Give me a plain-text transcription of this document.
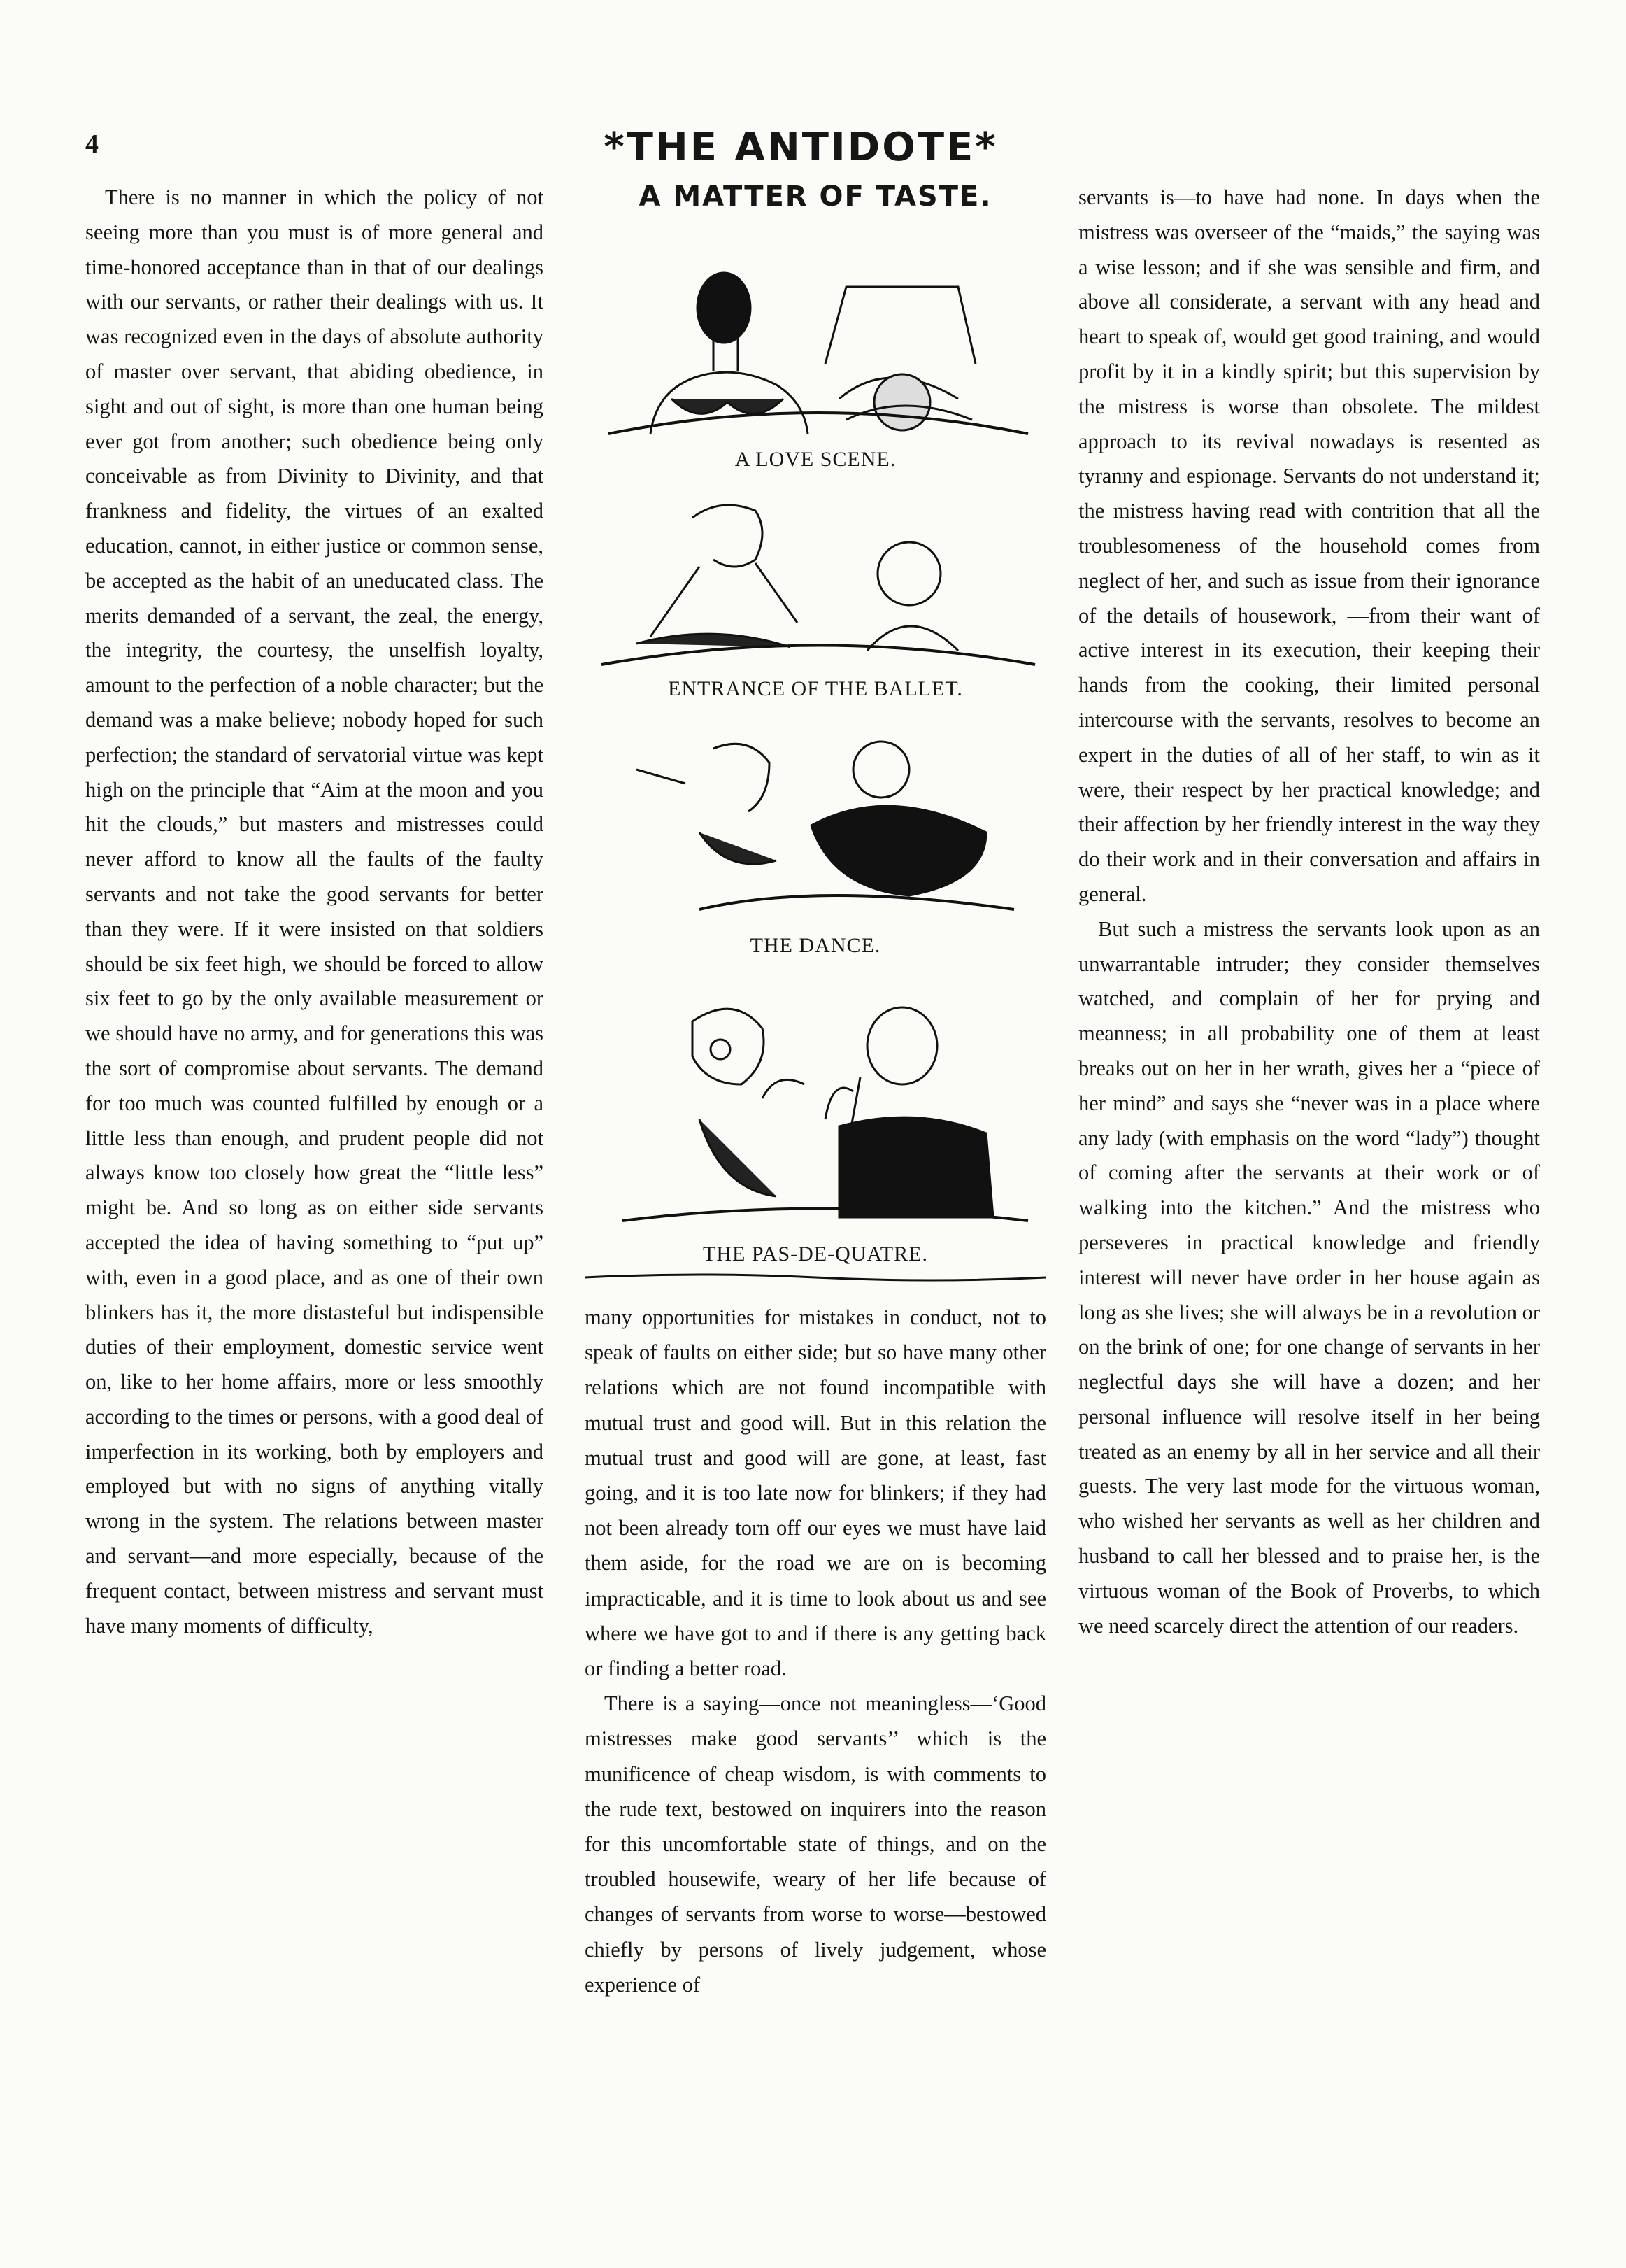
4	*THE ANTIDOTE*

There is no manner in which the policy of not seeing more than you must is of more general and time-honored acceptance than in that of our dealings with our servants, or rather their dealings with us. It was recognized even in the days of absolute authority of master over servant, that abiding obedience, in sight and out of sight, is more than one human being ever got from another; such obedience being only conceivable as from Divinity to Divinity, and that frankness and fidelity, the virtues of an exalted education, cannot, in either justice or common sense, be accepted as the habit of an uneducated class. The merits demanded of a servant, the zeal, the energy, the integrity, the courtesy, the unselfish loyalty, amount to the perfection of a noble character; but the demand was a make believe; nobody hoped for such perfection; the standard of servatorial virtue was kept high on the principle that “Aim at the moon and you hit the clouds,” but masters and mistresses could never afford to know all the faults of the faulty servants and not take the good servants for better than they were. If it were insisted on that soldiers should be six feet high, we should be forced to allow six feet to go by the only available measurement or we should have no army, and for generations this was the sort of compromise about servants. The demand for too much was counted fulfilled by enough or a little less than enough, and prudent people did not always know too closely how great the “little less” might be. And so long as on either side servants accepted the idea of having something to “put up” with, even in a good place, and as one of their own blinkers has it, the more distasteful but indispensible duties of their employment, domestic service went on, like to her home affairs, more or less smoothly according to the times or persons, with a good deal of imperfection in its working, both by employers and employed but with no signs of anything vitally wrong in the system. The relations between master and servant—and more especially, because of the frequent contact, between mistress and servant must have many moments of difficulty,

A MATTER OF TASTE.
A LOVE SCENE.
ENTRANCE OF THE BALLET.
THE DANCE.
THE PAS-DE-QUATRE.

many opportunities for mistakes in conduct, not to speak of faults on either side; but so have many other relations which are not found incompatible with mutual trust and good will. But in this relation the mutual trust and good will are gone, at least, fast going, and it is too late now for blinkers; if they had not been already torn off our eyes we must have laid them aside, for the road we are on is becoming impracticable, and it is time to look about us and see where we have got to and if there is any getting back or finding a better road.

There is a saying—once not meaningless—‘Good mistresses make good servants’’ which is the munificence of cheap wisdom, is with comments to the rude text, bestowed on inquirers into the reason for this uncomfortable state of things, and on the troubled housewife, weary of her life because of changes of servants from worse to worse—bestowed chiefly by persons of lively judgement, whose experience of

servants is—to have had none. In days when the mistress was overseer of the “maids,” the saying was a wise lesson; and if she was sensible and firm, and above all considerate, a servant with any head and heart to speak of, would get good training, and would profit by it in a kindly spirit; but this supervision by the mistress is worse than obsolete. The mildest approach to its revival nowadays is resented as tyranny and espionage. Servants do not understand it; the mistress having read with contrition that all the troublesomeness of the household comes from neglect of her, and such as issue from their ignorance of the details of housework, —from their want of active interest in its execution, their keeping their hands from the cooking, their limited personal intercourse with the servants, resolves to become an expert in the duties of all of her staff, to win as it were, their respect by her practical knowledge; and their affection by her friendly interest in the way they do their work and in their conversation and affairs in general.

But such a mistress the servants look upon as an unwarrantable intruder; they consider themselves watched, and complain of her for prying and meanness; in all probability one of them at least breaks out on her in her wrath, gives her a “piece of her mind” and says she “never was in a place where any lady (with emphasis on the word “lady”) thought of coming after the servants at their work or of walking into the kitchen.” And the mistress who perseveres in practical knowledge and friendly interest will never have order in her house again as long as she lives; she will always be in a revolution or on the brink of one; for one change of servants in her neglectful days she will have a dozen; and her personal influence will resolve itself in her being treated as an enemy by all in her service and all their guests. The very last mode for the virtuous woman, who wished her servants as well as her children and husband to call her blessed and to praise her, is the virtuous woman of the Book of Proverbs, to which we need scarcely direct the attention of our readers.
